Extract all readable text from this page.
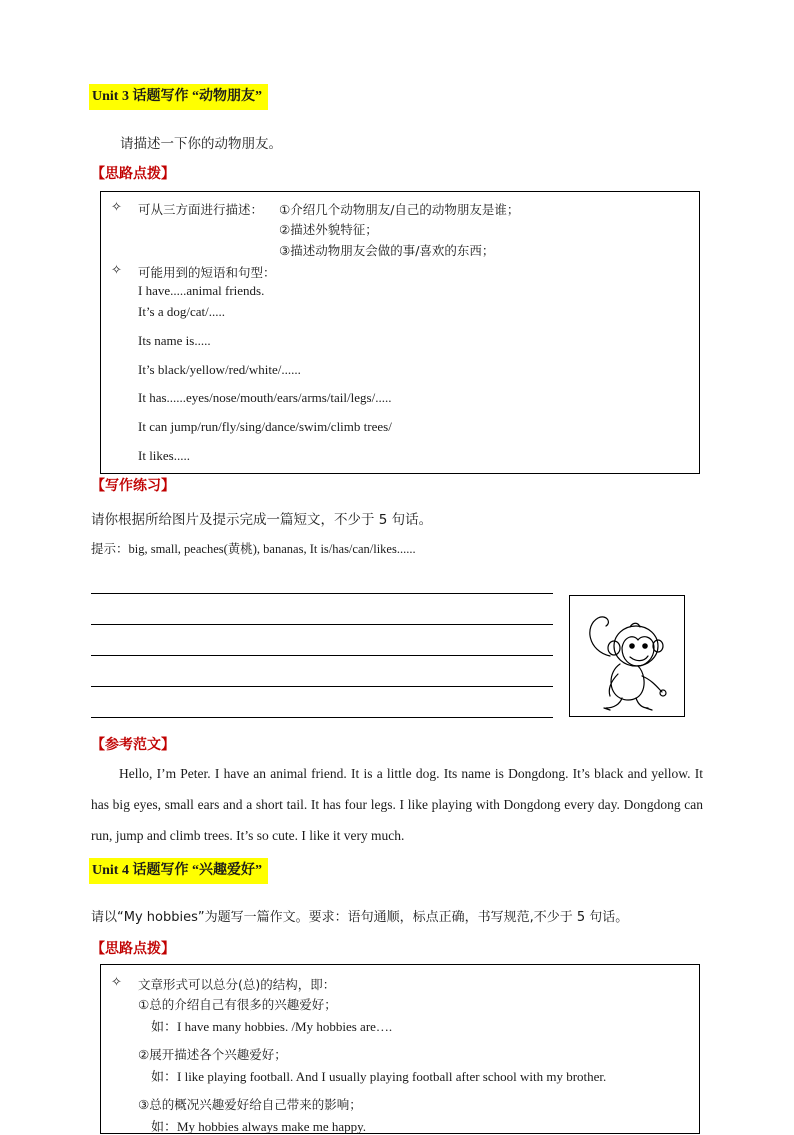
Unit 3 话题写作 “动物朋友”
请描述一下你的动物朋友。
【思路点拨】
✧ 可从三方面进行描述： ①介绍几个动物朋友/自己的动物朋友是谁；
②描述外貌特征；
③描述动物朋友会做的事/喜欢的东西；
✧ 可能用到的短语和句型：
I have.....animal friends.
It’s a dog/cat/.....
Its name is.....
It’s black/yellow/red/white/......
It has......eyes/nose/mouth/ears/arms/tail/legs/.....
It can jump/run/fly/sing/dance/swim/climb trees/
It likes.....
【写作练习】
请你根据所给图片及提示完成一篇短文，不少于 5 句话。
提示：big, small, peaches(黄桃), bananas, It is/has/can/likes......
【参考范文】
Hello, I’m Peter. I have an animal friend. It is a little dog. Its name is Dongdong. It’s black and yellow. It has big eyes, small ears and a short tail. It has four legs. I like playing with Dongdong every day. Dongdong can run, jump and climb trees. It’s so cute. I like it very much.
Unit 4 话题写作 “兴趣爱好”
请以“My hobbies”为题写一篇作文。要求：语句通顺，标点正确，书写规范,不少于 5 句话。
【思路点拨】
✧ 文章形式可以总分(总)的结构，即：
①总的介绍自己有很多的兴趣爱好；
如：I have many hobbies. /My hobbies are….
②展开描述各个兴趣爱好；
如：I like playing football. And I usually playing football after school with my brother.
③总的概况兴趣爱好给自己带来的影响；
如：My hobbies always make me happy.
